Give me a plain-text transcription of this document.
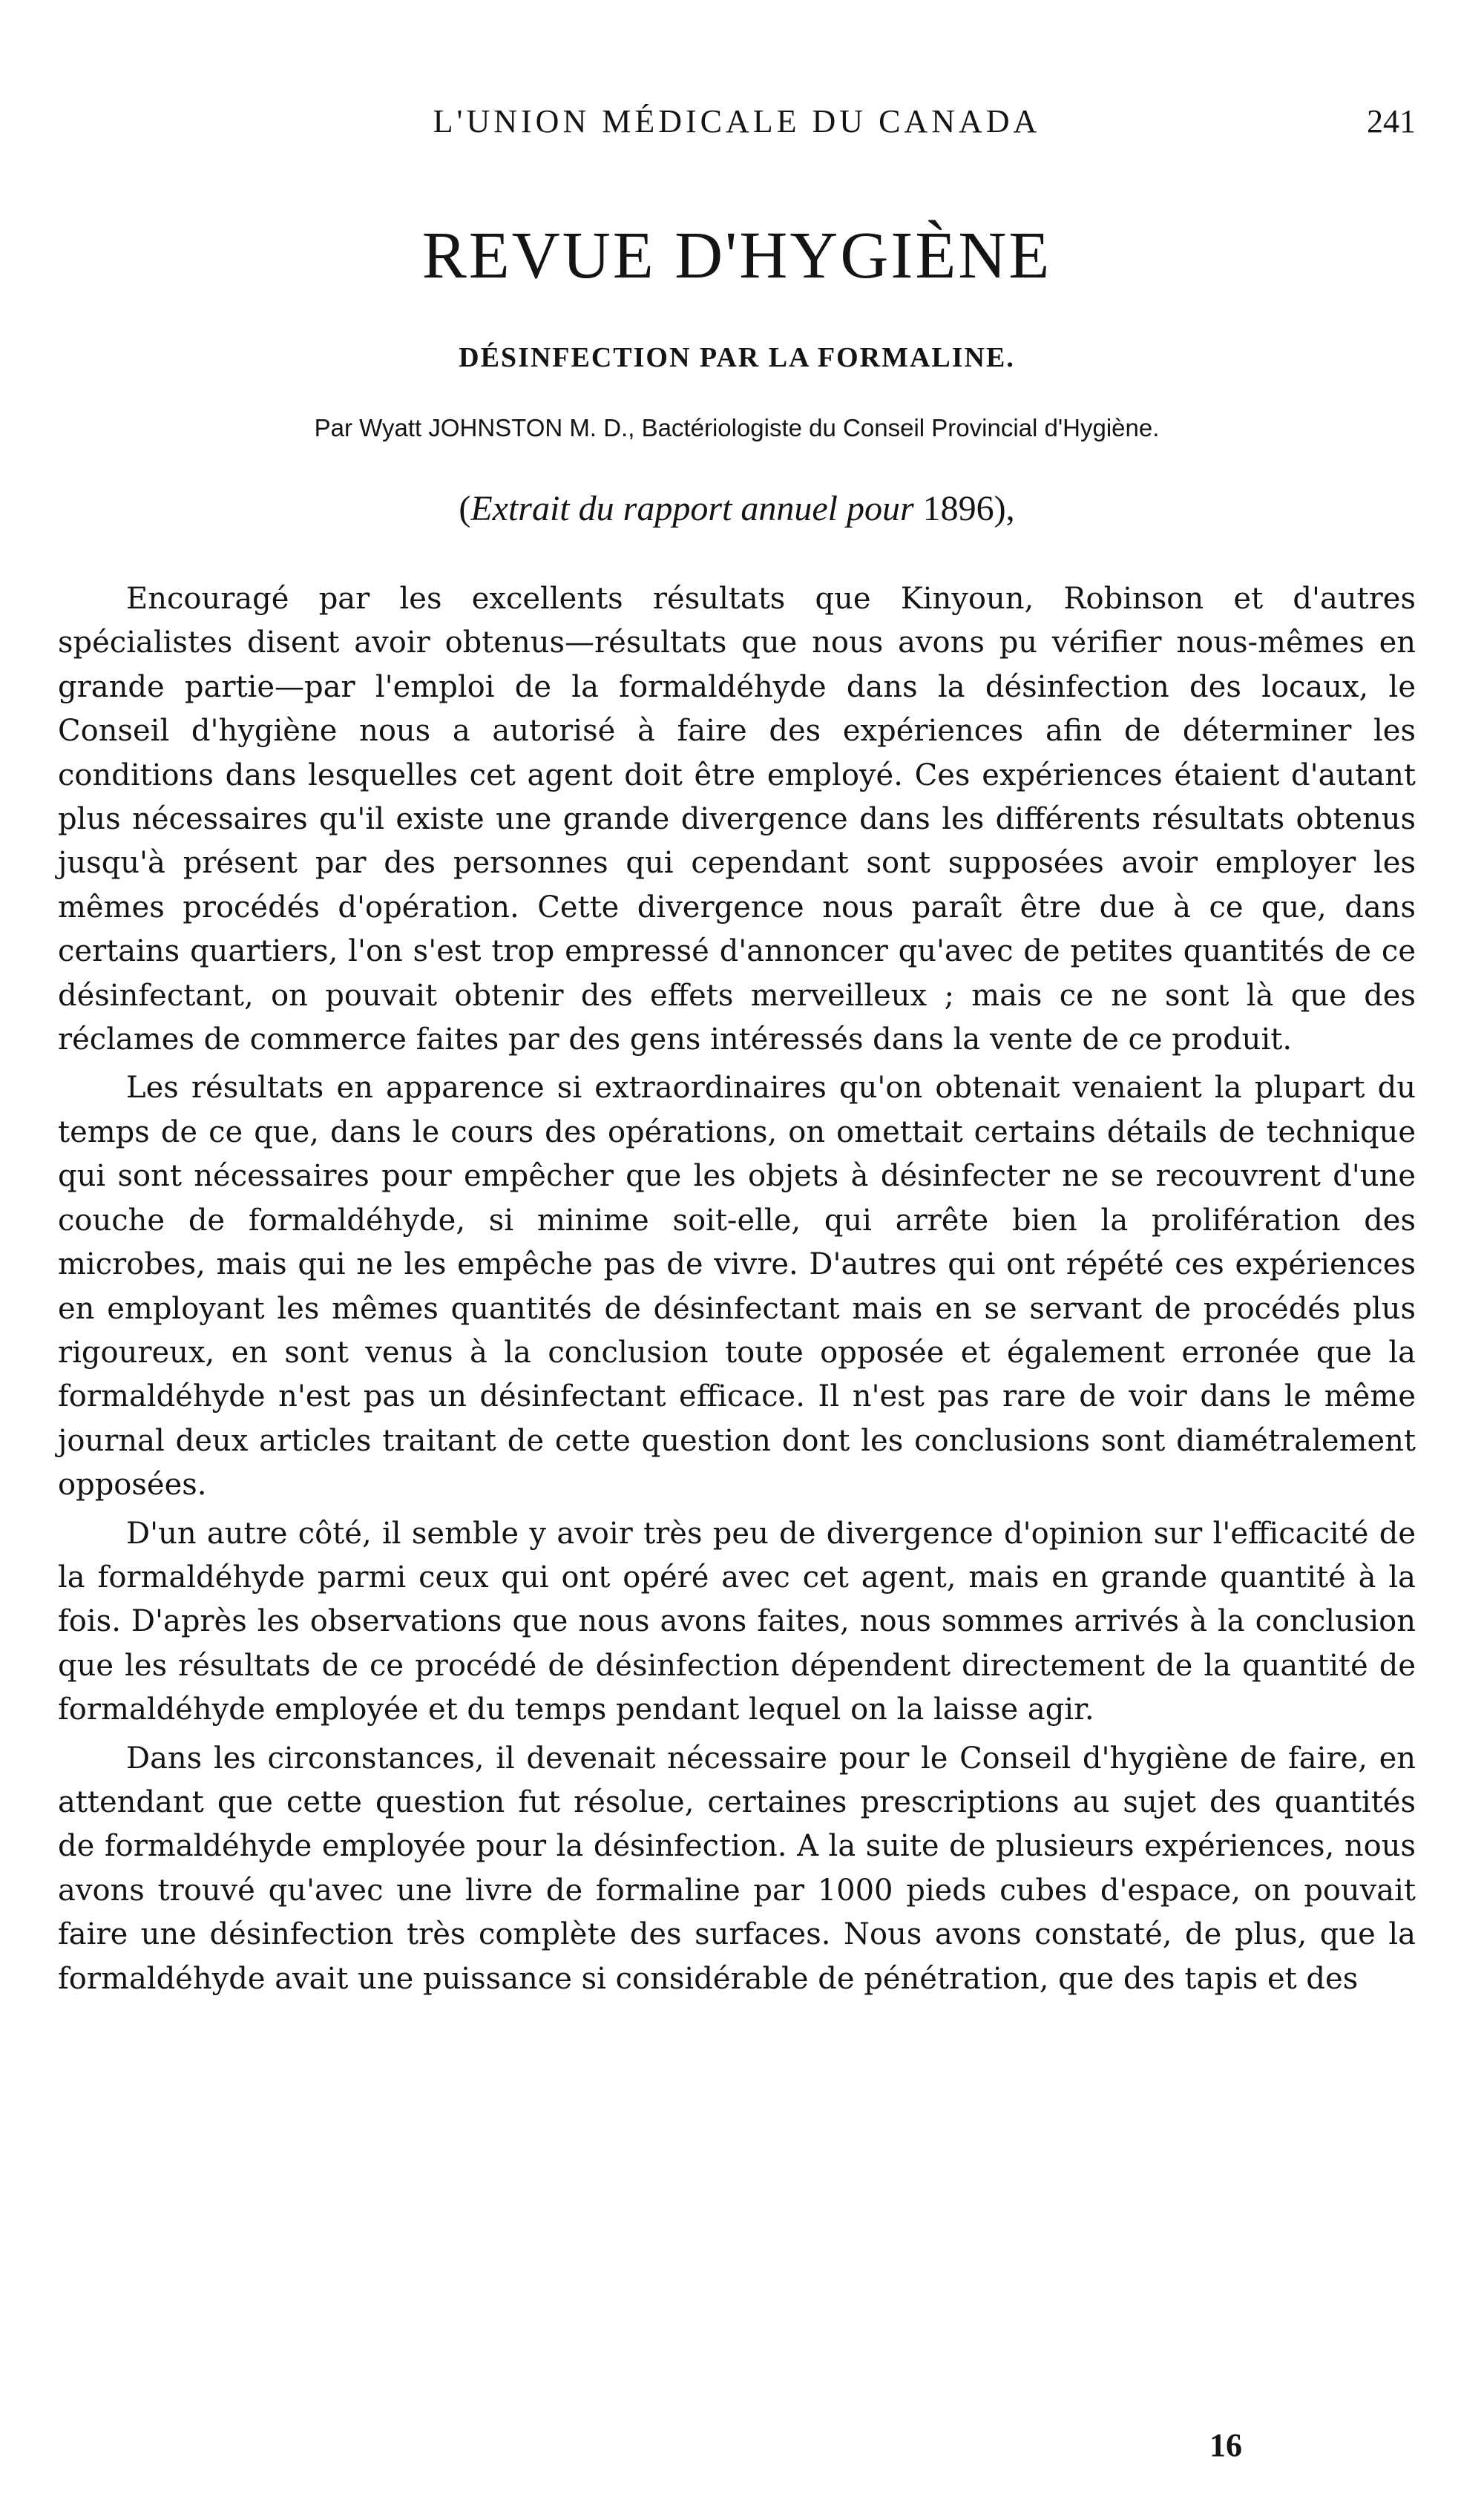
L'UNION MÉDICALE DU CANADA	241
REVUE D'HYGIÈNE
DÉSINFECTION PAR LA FORMALINE.
Par Wyatt JOHNSTON M. D., Bactériologiste du Conseil Provincial d'Hygiène.
(Extrait du rapport annuel pour 1896),

Encouragé par les excellents résultats que Kinyoun, Robinson et d'autres spécialistes disent avoir obtenus—résultats que nous avons pu vérifier nous-mêmes en grande partie—par l'emploi de la formaldéhyde dans la désinfection des locaux, le Conseil d'hygiène nous a autorisé à faire des expériences afin de déterminer les conditions dans lesquelles cet agent doit être employé. Ces expériences étaient d'autant plus nécessaires qu'il existe une grande divergence dans les différents résultats obtenus jusqu'à présent par des personnes qui cependant sont supposées avoir employer les mêmes procédés d'opération. Cette divergence nous paraît être due à ce que, dans certains quartiers, l'on s'est trop empressé d'annoncer qu'avec de petites quantités de ce désinfectant, on pouvait obtenir des effets merveilleux ; mais ce ne sont là que des réclames de commerce faites par des gens intéressés dans la vente de ce produit.

Les résultats en apparence si extraordinaires qu'on obtenait venaient la plupart du temps de ce que, dans le cours des opérations, on omettait certains détails de technique qui sont nécessaires pour empêcher que les objets à désinfecter ne se recouvrent d'une couche de formaldéhyde, si minime soit-elle, qui arrête bien la prolifération des microbes, mais qui ne les empêche pas de vivre. D'autres qui ont répété ces expériences en employant les mêmes quantités de désinfectant mais en se servant de procédés plus rigoureux, en sont venus à la conclusion toute opposée et également erronée que la formaldéhyde n'est pas un désinfectant efficace. Il n'est pas rare de voir dans le même journal deux articles traitant de cette question dont les conclusions sont diamétralement opposées.

D'un autre côté, il semble y avoir très peu de divergence d'opinion sur l'efficacité de la formaldéhyde parmi ceux qui ont opéré avec cet agent, mais en grande quantité à la fois. D'après les observations que nous avons faites, nous sommes arrivés à la conclusion que les résultats de ce procédé de désinfection dépendent directement de la quantité de formaldéhyde employée et du temps pendant lequel on la laisse agir.

Dans les circonstances, il devenait nécessaire pour le Conseil d'hygiène de faire, en attendant que cette question fut résolue, certaines prescriptions au sujet des quantités de formaldéhyde employée pour la désinfection. A la suite de plusieurs expériences, nous avons trouvé qu'avec une livre de formaline par 1000 pieds cubes d'espace, on pouvait faire une désinfection très complète des surfaces. Nous avons constaté, de plus, que la formaldéhyde avait une puissance si considérable de pénétration, que des tapis et des

16
